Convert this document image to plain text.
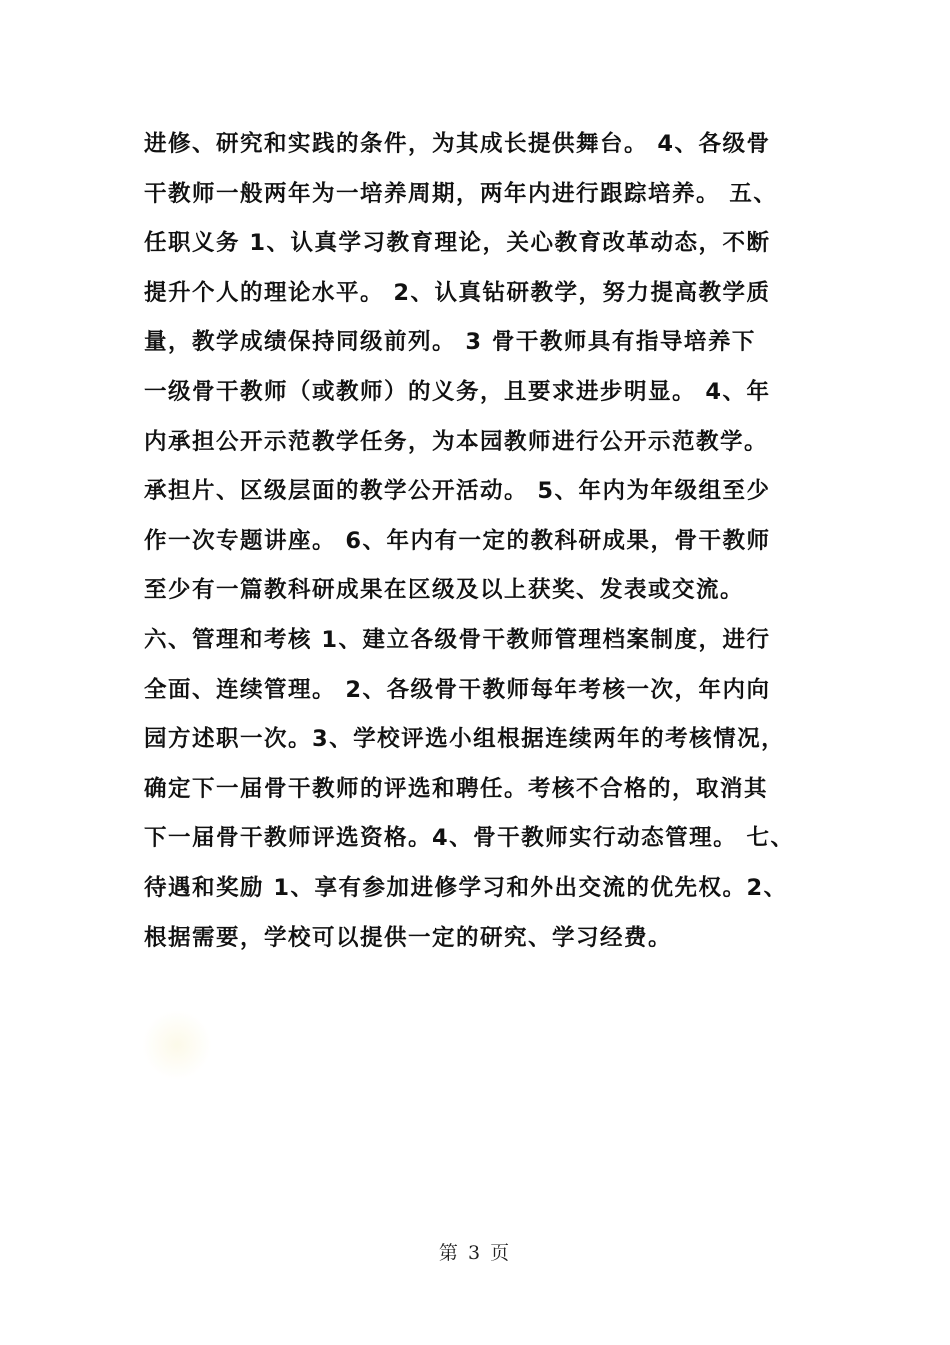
进修、研究和实践的条件，为其成长提供舞台。 4、各级骨
干教师一般两年为一培养周期，两年内进行跟踪培养。 五、
任职义务 1、认真学习教育理论，关心教育改革动态，不断
提升个人的理论水平。 2、认真钻研教学，努力提高教学质
量，教学成绩保持同级前列。 3 骨干教师具有指导培养下
一级骨干教师（或教师）的义务，且要求进步明显。 4、年
内承担公开示范教学任务，为本园教师进行公开示范教学。
承担片、区级层面的教学公开活动。 5、年内为年级组至少
作一次专题讲座。 6、年内有一定的教科研成果，骨干教师
至少有一篇教科研成果在区级及以上获奖、发表或交流。
六、管理和考核 1、建立各级骨干教师管理档案制度，进行
全面、连续管理。 2、各级骨干教师每年考核一次，年内向
园方述职一次。3、学校评选小组根据连续两年的考核情况，
确定下一届骨干教师的评选和聘任。考核不合格的，取消其
下一届骨干教师评选资格。4、骨干教师实行动态管理。 七、
待遇和奖励 1、享有参加进修学习和外出交流的优先权。2、
根据需要，学校可以提供一定的研究、学习经费。
第 3 页
